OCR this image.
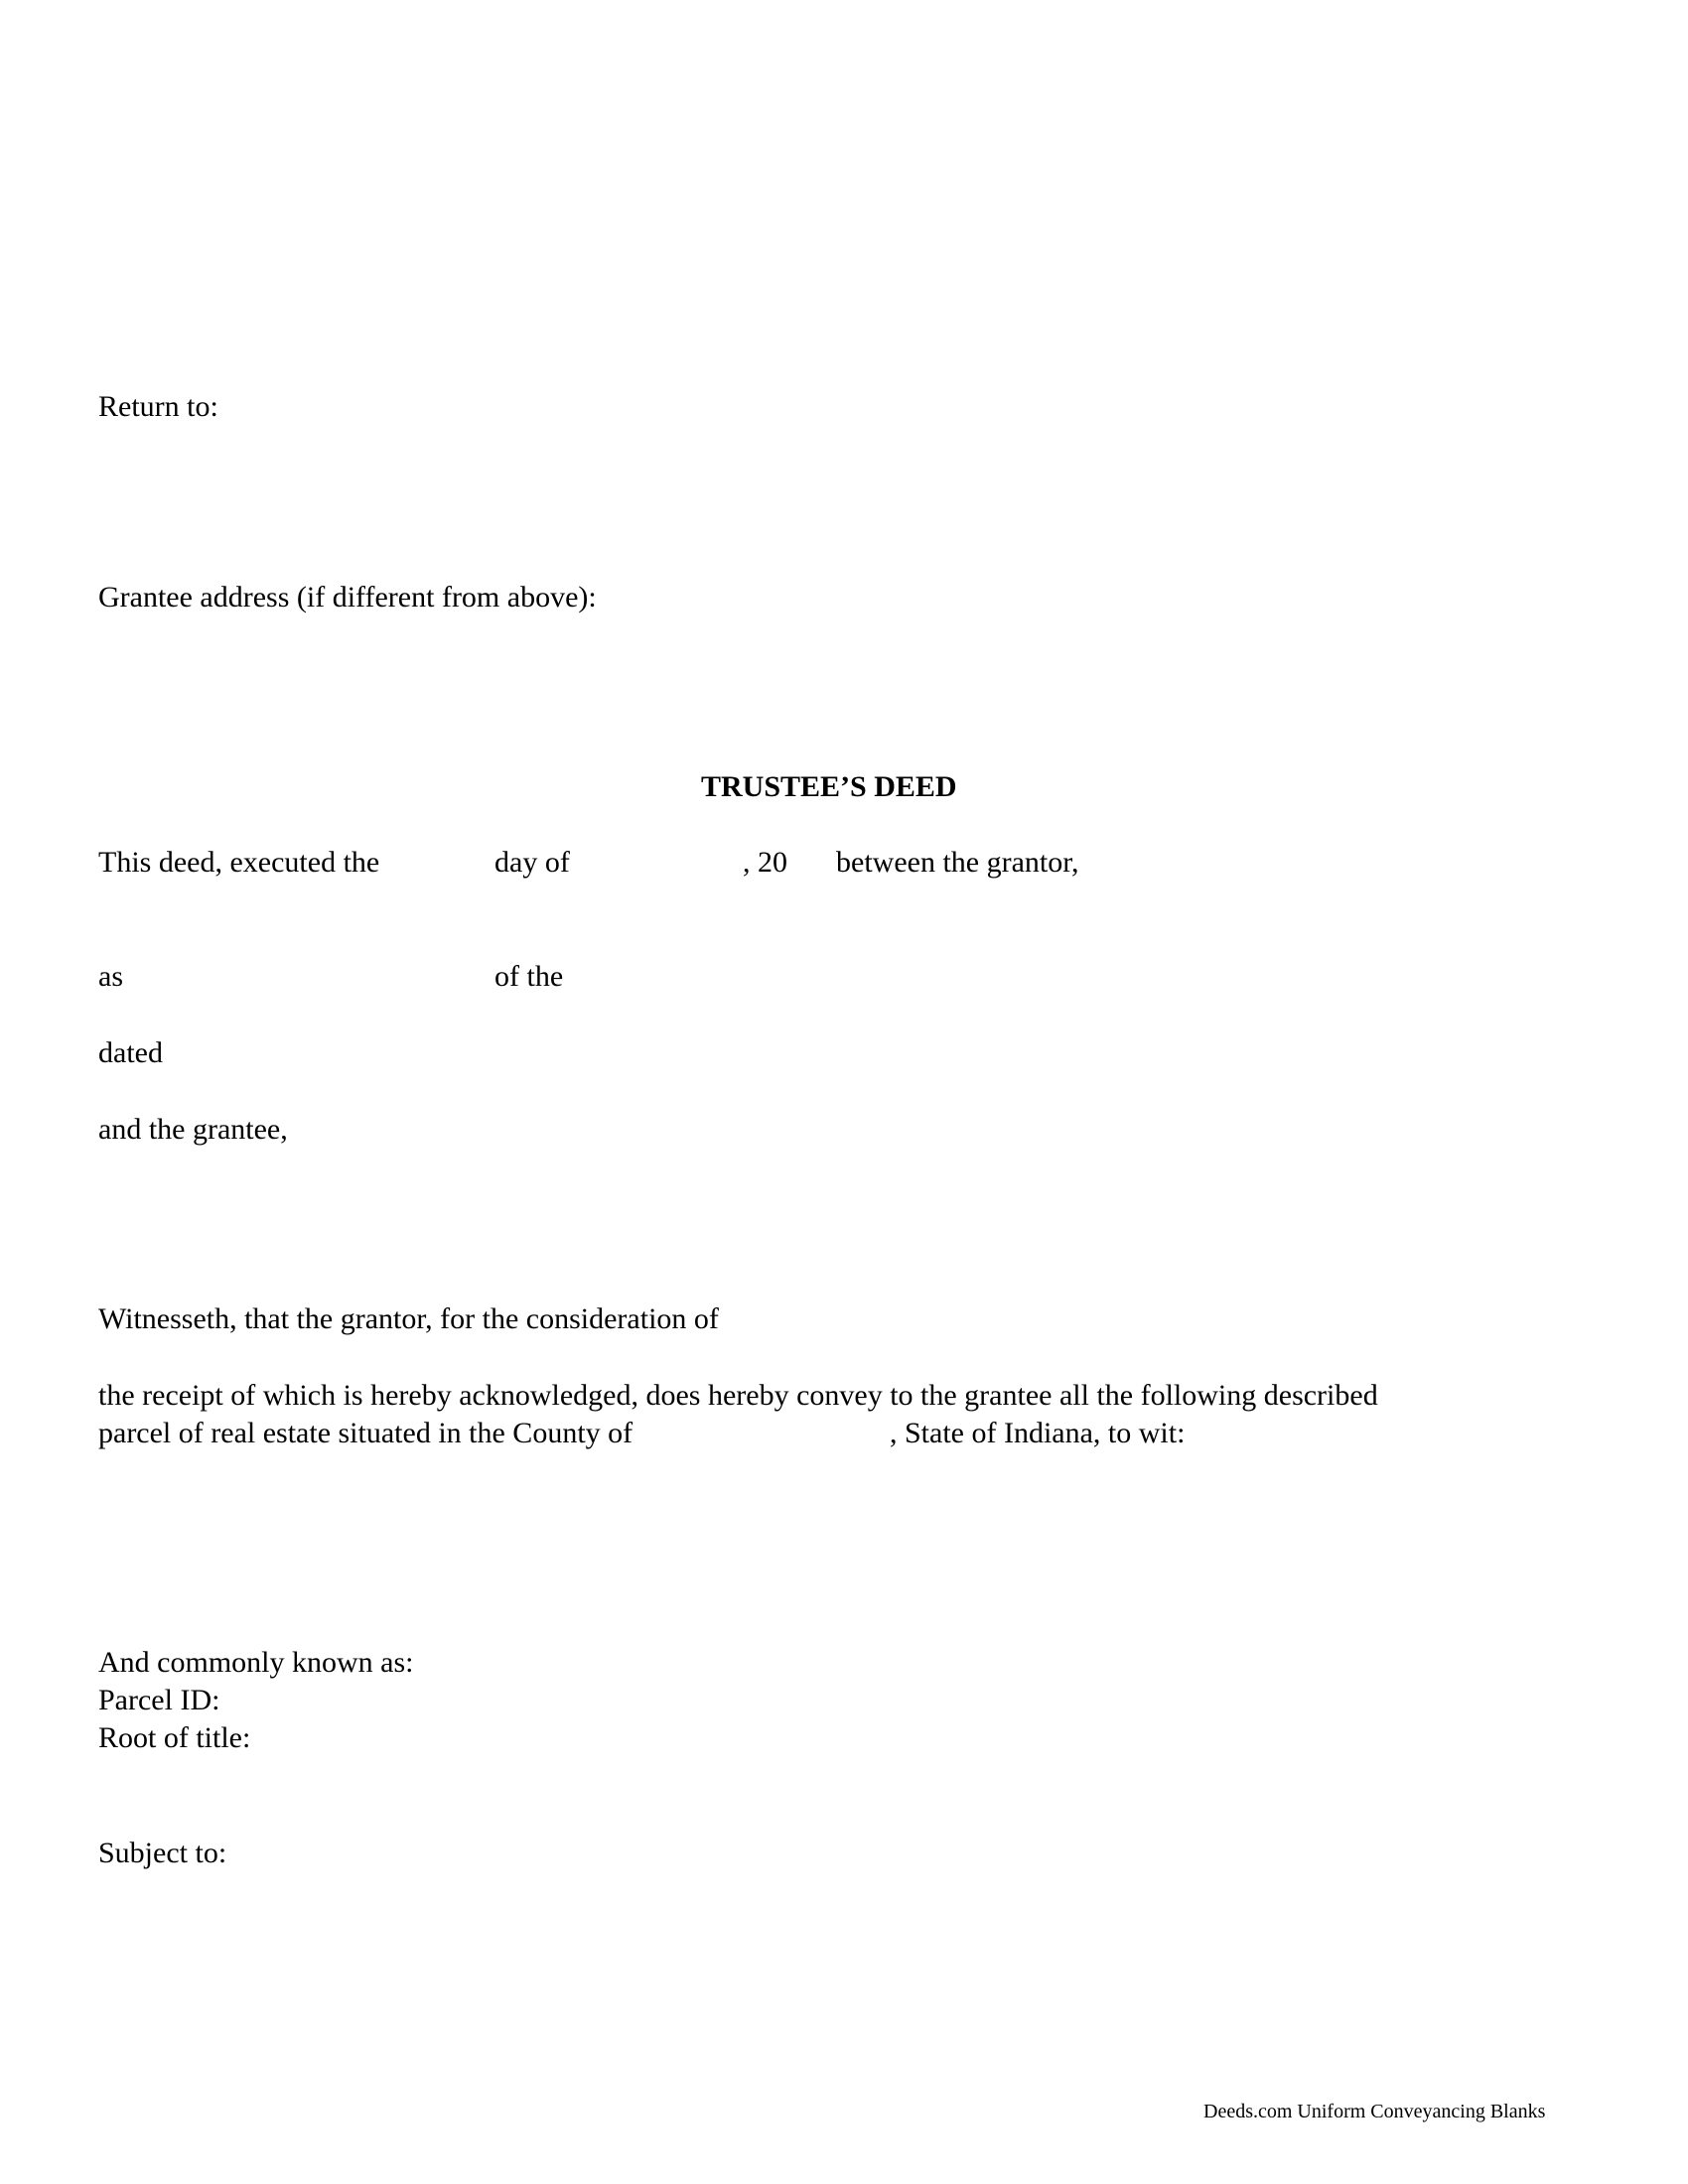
Return to:

Grantee address (if different from above):

TRUSTEE’S DEED

This deed, executed the	day of	, 20 between the grantor,

as	of the

dated

and the grantee,

Witnesseth, that the grantor, for the consideration of

the receipt of which is hereby acknowledged, does hereby convey to the grantee all the following described

parcel of real estate situated in the County of	, State of Indiana, to wit:

And commonly known as:

Parcel ID:

Root of title:

Subject to:

Deeds.com Uniform Conveyancing Blanks
